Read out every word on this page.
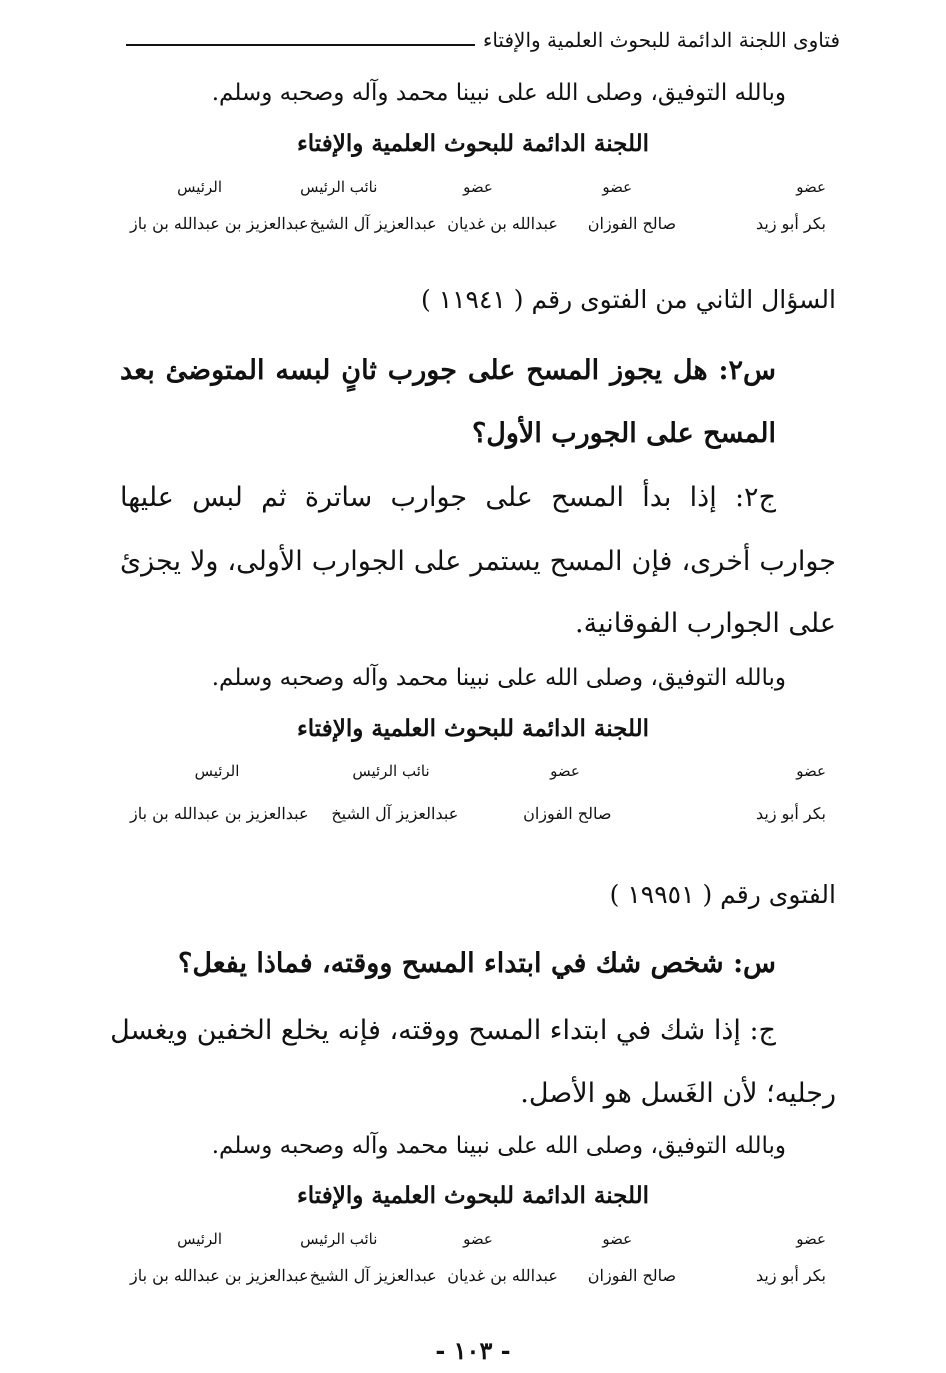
فتاوى اللجنة الدائمة للبحوث العلمية والإفتاء
وبالله التوفيق، وصلى الله على نبينا محمد وآله وصحبه وسلم.
اللجنة الدائمة للبحوث العلمية والإفتاء
عضو
عضو
عضو
نائب الرئيس
الرئيس
بكر أبو زيد
صالح الفوزان
عبدالله بن غديان
عبدالعزيز آل الشيخ
عبدالعزيز بن عبدالله بن باز
السؤال الثاني من الفتوى رقم ( ١١٩٤١ )
س٢: هل يجوز المسح على جورب ثانٍ لبسه المتوضئ بعد
المسح على الجورب الأول؟
ج٢: إذا بدأ المسح على جوارب ساترة ثم لبس عليها
جوارب أخرى، فإن المسح يستمر على الجوارب الأولى، ولا يجزئ
على الجوارب الفوقانية.
وبالله التوفيق، وصلى الله على نبينا محمد وآله وصحبه وسلم.
اللجنة الدائمة للبحوث العلمية والإفتاء
عضو
عضو
نائب الرئيس
الرئيس
بكر أبو زيد
صالح الفوزان
عبدالعزيز آل الشيخ
عبدالعزيز بن عبدالله بن باز
الفتوى رقم ( ١٩٩٥١ )
س: شخص شك في ابتداء المسح ووقته، فماذا يفعل؟
ج: إذا شك في ابتداء المسح ووقته، فإنه يخلع الخفين ويغسل
رجليه؛ لأن الغَسل هو الأصل.
وبالله التوفيق، وصلى الله على نبينا محمد وآله وصحبه وسلم.
اللجنة الدائمة للبحوث العلمية والإفتاء
عضو
عضو
عضو
نائب الرئيس
الرئيس
بكر أبو زيد
صالح الفوزان
عبدالله بن غديان
عبدالعزيز آل الشيخ
عبدالعزيز بن عبدالله بن باز
- ١٠٣ -
